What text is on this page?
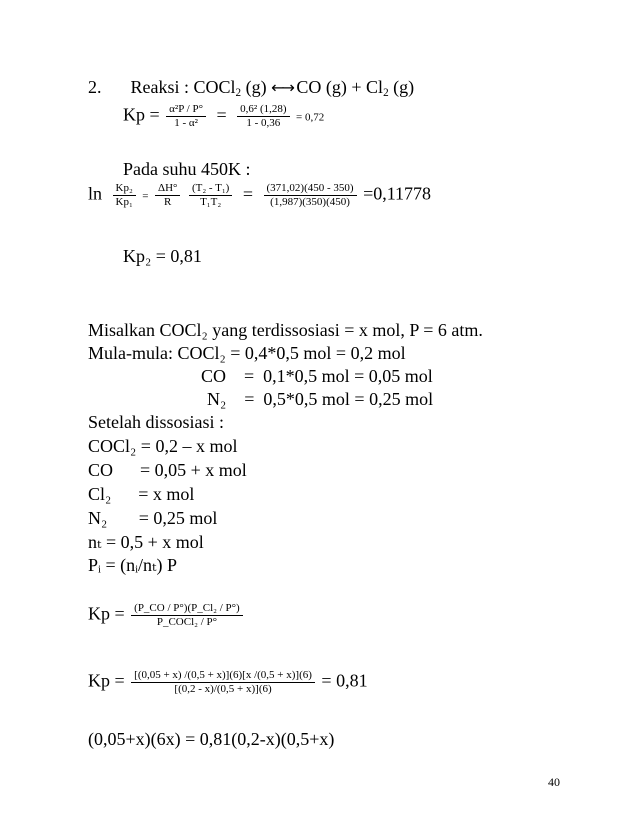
2. Reaksi : COCl$_2$ (g) ←→ CO $(g) + Cl_2$ (g)
$Kp = \frac{\text{α²P / P°}}{\text{1 - α²}} = \frac{\text{0,6² (1,28)}}{1 - 0,36} = 0,72$
Pada suhu 450K :
$\ln \frac{\text{Kp₂}}{\text{Kp₁}} = \frac{\Delta H^\circ}{R}$
$\frac{\text{(T₂ - T₁)}}{\text{T₁T₂}} = \frac{(371,02)(450 - 350)}{(1,987)(350)(450)} =0,11778$
Kp₂ = 0,81
Misalkan COCl₂ yang terdissosiasi = x mol, P = 6 atm.
Mula-mula: COCl₂ = 0,4*0,5 mol = 0,2 mol
CO    =  0,1*0,5 mol = 0,05 mol
N₂    =  0,5*0,5 mol = 0,25 mol
Setelah dissosiasi :
COCl₂ = 0,2 – x mol
CO      = 0,05 + x mol
Cl₂      = x mol
N₂       = 0,25 mol
nₜ = 0,5 + x mol
Pᵢ = (nᵢ/nₜ) P
$Kp = \frac{\text{(P\_CO / P°)(P\_Cl₂ / P°)}}{\text{P\_COCl₂ / P°}}$
$Kp = \frac{[(0,05 + x) /(0,5 + x)](6)[x /(0,5 + x)](6)}{[(0,2 - x)/(0,5 + x)](6)} = 0,81$
(0,05+x)(6x) = 0,81(0,2-x)(0,5+x)
40
